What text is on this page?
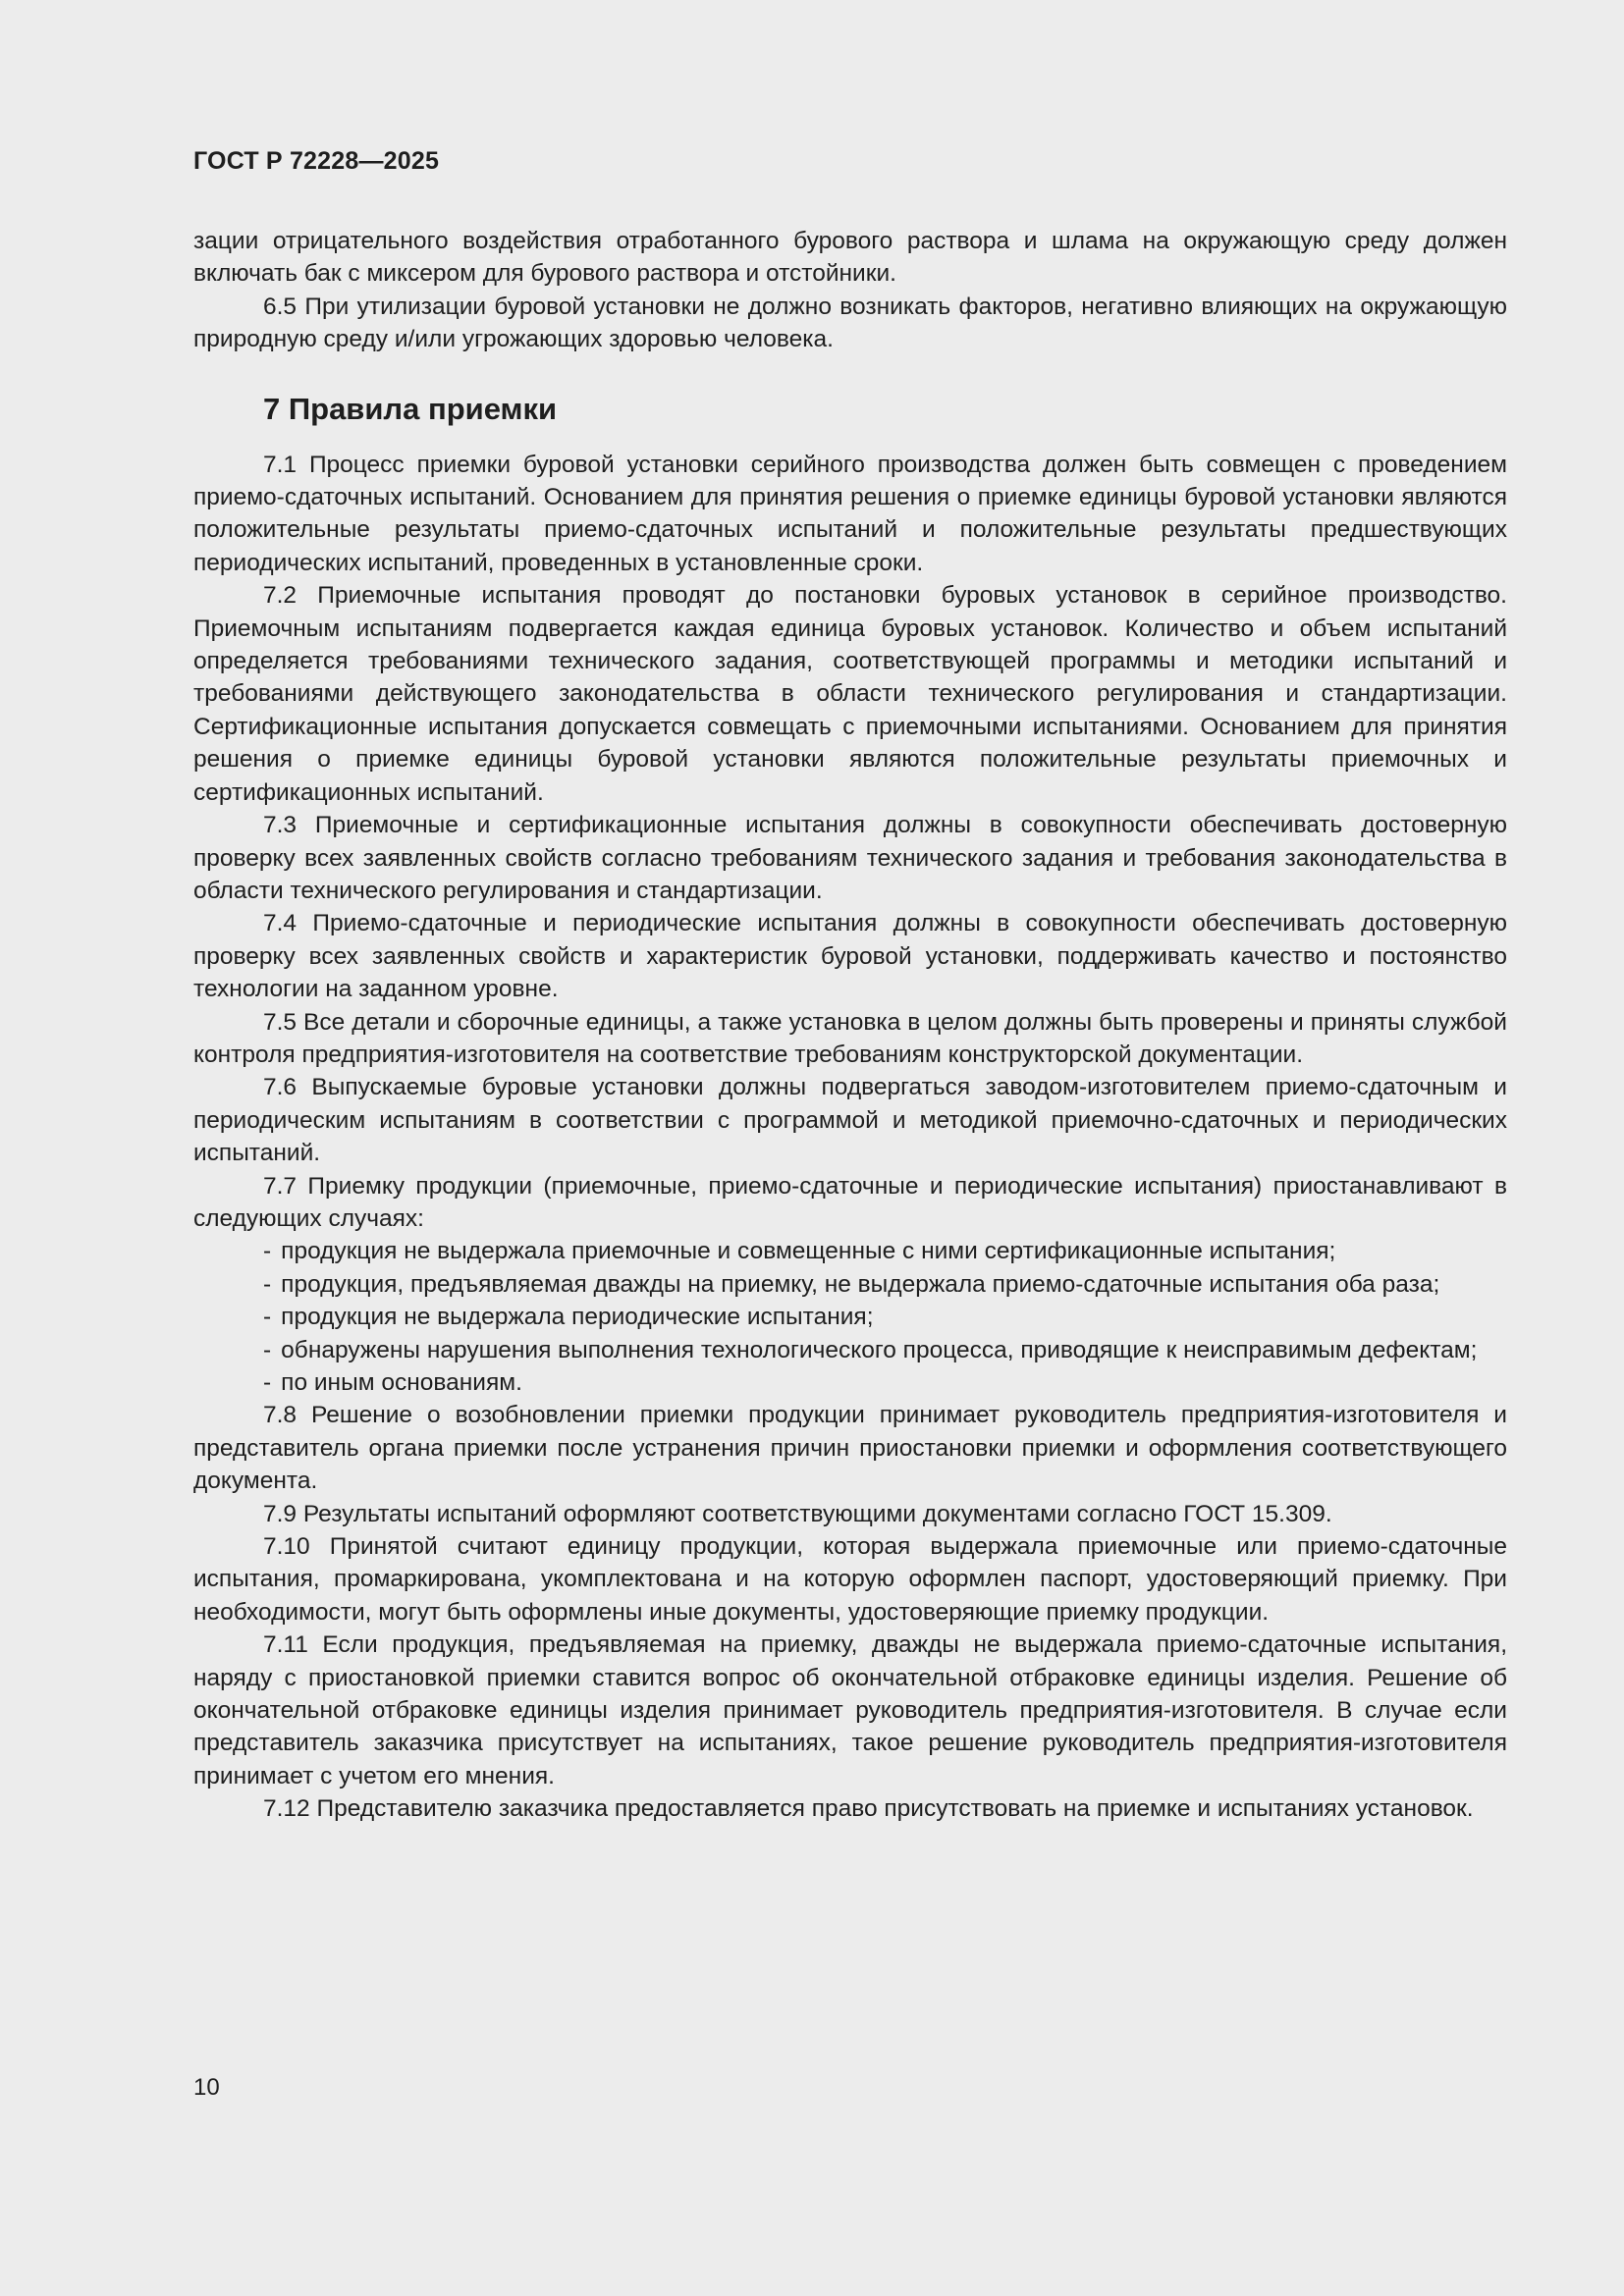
ГОСТ Р 72228—2025

зации отрицательного воздействия отработанного бурового раствора и шлама на окружающую среду должен включать бак с миксером для бурового раствора и отстойники.

6.5 При утилизации буровой установки не должно возникать факторов, негативно влияющих на окружающую природную среду и/или угрожающих здоровью человека.

7 Правила приемки

7.1 Процесс приемки буровой установки серийного производства должен быть совмещен с проведением приемо-сдаточных испытаний. Основанием для принятия решения о приемке единицы буровой установки являются положительные результаты приемо-сдаточных испытаний и положительные результаты предшествующих периодических испытаний, проведенных в установленные сроки.

7.2 Приемочные испытания проводят до постановки буровых установок в серийное производство. Приемочным испытаниям подвергается каждая единица буровых установок. Количество и объем испытаний определяется требованиями технического задания, соответствующей программы и методики испытаний и требованиями действующего законодательства в области технического регулирования и стандартизации. Сертификационные испытания допускается совмещать с приемочными испытаниями. Основанием для принятия решения о приемке единицы буровой установки являются положительные результаты приемочных и сертификационных испытаний.

7.3 Приемочные и сертификационные испытания должны в совокупности обеспечивать достоверную проверку всех заявленных свойств согласно требованиям технического задания и требования законодательства в области технического регулирования и стандартизации.

7.4 Приемо-сдаточные и периодические испытания должны в совокупности обеспечивать достоверную проверку всех заявленных свойств и характеристик буровой установки, поддерживать качество и постоянство технологии на заданном уровне.

7.5 Все детали и сборочные единицы, а также установка в целом должны быть проверены и приняты службой контроля предприятия-изготовителя на соответствие требованиям конструкторской документации.

7.6 Выпускаемые буровые установки должны подвергаться заводом-изготовителем приемо-сдаточным и периодическим испытаниям в соответствии с программой и методикой приемочно-сдаточных и периодических испытаний.

7.7 Приемку продукции (приемочные, приемо-сдаточные и периодические испытания) приостанавливают в следующих случаях:

- продукция не выдержала приемочные и совмещенные с ними сертификационные испытания;

- продукция, предъявляемая дважды на приемку, не выдержала приемо-сдаточные испытания оба раза;

- продукция не выдержала периодические испытания;

- обнаружены нарушения выполнения технологического процесса, приводящие к неисправимым дефектам;

- по иным основаниям.

7.8 Решение о возобновлении приемки продукции принимает руководитель предприятия-изготовителя и представитель органа приемки после устранения причин приостановки приемки и оформления соответствующего документа.

7.9 Результаты испытаний оформляют соответствующими документами согласно ГОСТ 15.309.

7.10 Принятой считают единицу продукции, которая выдержала приемочные или приемо-сдаточные испытания, промаркирована, укомплектована и на которую оформлен паспорт, удостоверяющий приемку. При необходимости, могут быть оформлены иные документы, удостоверяющие приемку продукции.

7.11 Если продукция, предъявляемая на приемку, дважды не выдержала приемо-сдаточные испытания, наряду с приостановкой приемки ставится вопрос об окончательной отбраковке единицы изделия. Решение об окончательной отбраковке единицы изделия принимает руководитель предприятия-изготовителя. В случае если представитель заказчика присутствует на испытаниях, такое решение руководитель предприятия-изготовителя принимает с учетом его мнения.

7.12 Представителю заказчика предоставляется право присутствовать на приемке и испытаниях установок.

10
